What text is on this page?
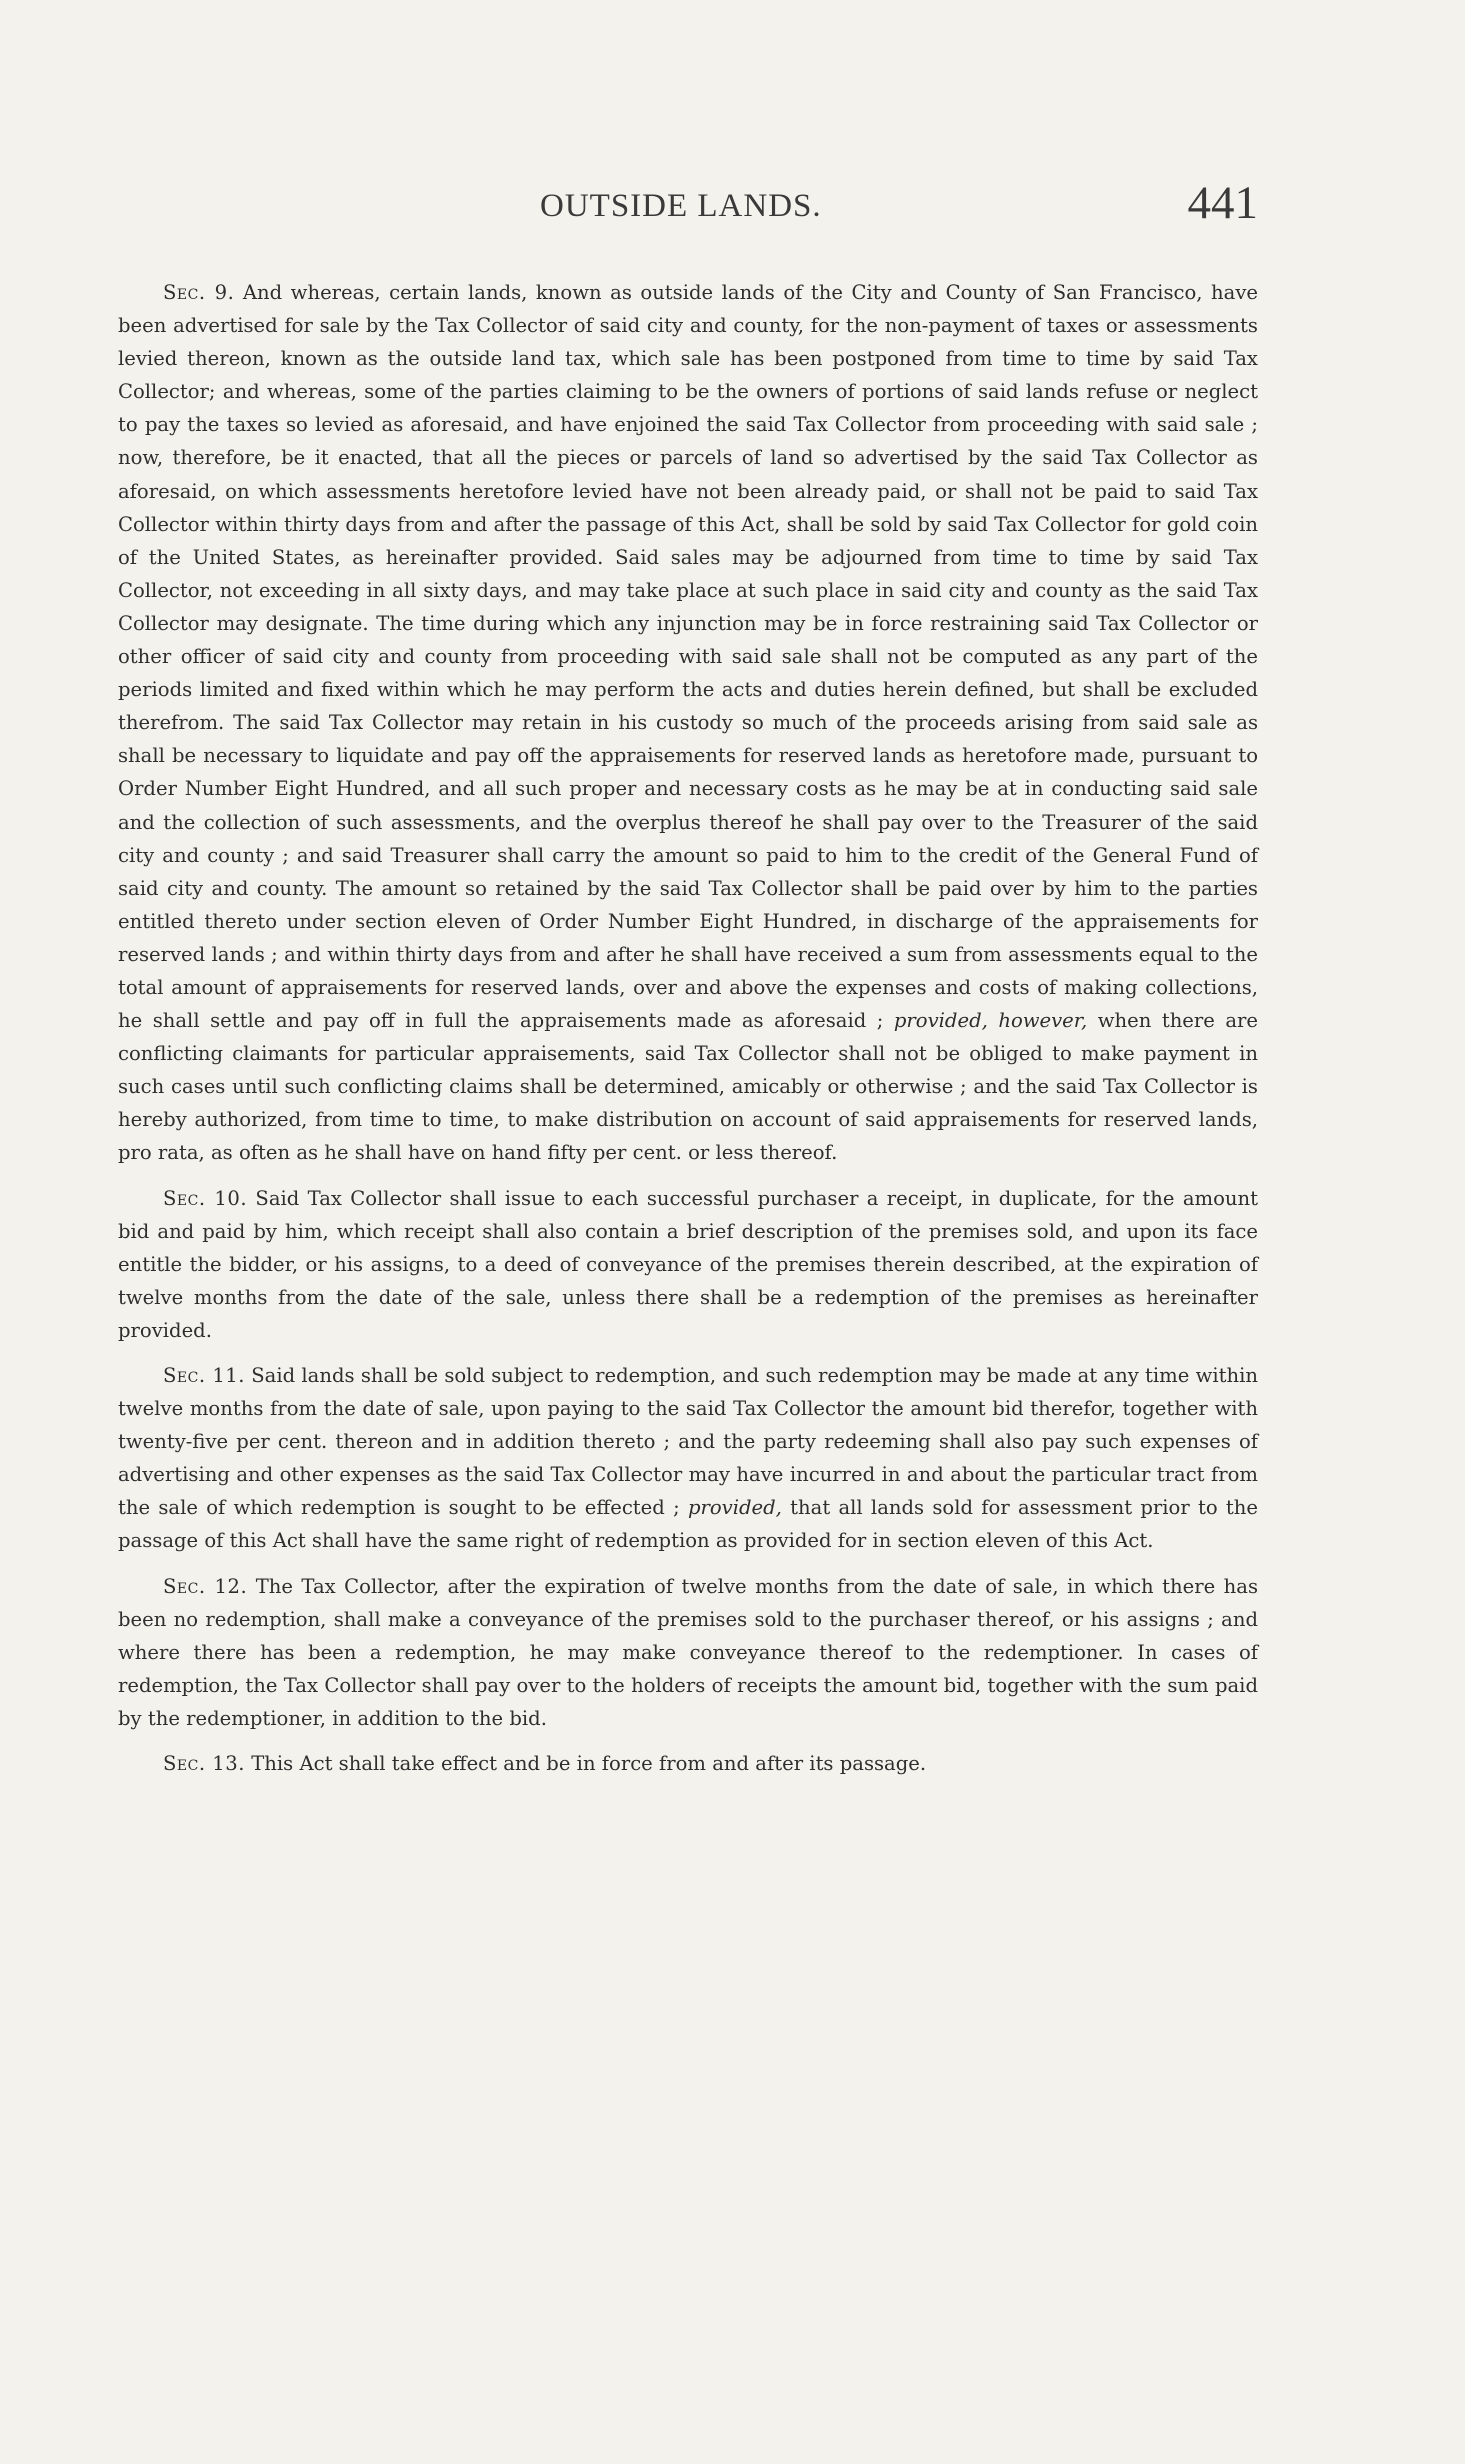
OUTSIDE LANDS.	441

Sec. 9. And whereas, certain lands, known as outside lands of the City and County of San Francisco, have been advertised for sale by the Tax Collector of said city and county, for the non-payment of taxes or assessments levied thereon, known as the outside land tax, which sale has been postponed from time to time by said Tax Collector; and whereas, some of the parties claiming to be the owners of portions of said lands refuse or neglect to pay the taxes so levied as aforesaid, and have enjoined the said Tax Collector from proceeding with said sale ; now, therefore, be it enacted, that all the pieces or parcels of land so advertised by the said Tax Collector as aforesaid, on which assessments heretofore levied have not been already paid, or shall not be paid to said Tax Collector within thirty days from and after the passage of this Act, shall be sold by said Tax Collector for gold coin of the United States, as hereinafter provided. Said sales may be adjourned from time to time by said Tax Collector, not exceeding in all sixty days, and may take place at such place in said city and county as the said Tax Collector may designate. The time during which any injunction may be in force restraining said Tax Collector or other officer of said city and county from proceeding with said sale shall not be computed as any part of the periods limited and fixed within which he may perform the acts and duties herein defined, but shall be excluded therefrom. The said Tax Collector may retain in his custody so much of the proceeds arising from said sale as shall be necessary to liquidate and pay off the appraisements for reserved lands as heretofore made, pursuant to Order Number Eight Hundred, and all such proper and necessary costs as he may be at in conducting said sale and the collection of such assessments, and the overplus thereof he shall pay over to the Treasurer of the said city and county ; and said Treasurer shall carry the amount so paid to him to the credit of the General Fund of said city and county. The amount so retained by the said Tax Collector shall be paid over by him to the parties entitled thereto under section eleven of Order Number Eight Hundred, in discharge of the appraisements for reserved lands ; and within thirty days from and after he shall have received a sum from assessments equal to the total amount of appraisements for reserved lands, over and above the expenses and costs of making collections, he shall settle and pay off in full the appraisements made as aforesaid ; provided, however, when there are conflicting claimants for particular appraisements, said Tax Collector shall not be obliged to make payment in such cases until such conflicting claims shall be determined, amicably or otherwise ; and the said Tax Collector is hereby authorized, from time to time, to make distribution on account of said appraisements for reserved lands, pro rata, as often as he shall have on hand fifty per cent. or less thereof.

Sec. 10. Said Tax Collector shall issue to each successful purchaser a receipt, in duplicate, for the amount bid and paid by him, which receipt shall also contain a brief description of the premises sold, and upon its face entitle the bidder, or his assigns, to a deed of conveyance of the premises therein described, at the expiration of twelve months from the date of the sale, unless there shall be a redemption of the premises as hereinafter provided.

Sec. 11. Said lands shall be sold subject to redemption, and such redemption may be made at any time within twelve months from the date of sale, upon paying to the said Tax Collector the amount bid therefor, together with twenty-five per cent. thereon and in addition thereto ; and the party redeeming shall also pay such expenses of advertising and other expenses as the said Tax Collector may have incurred in and about the particular tract from the sale of which redemption is sought to be effected ; provided, that all lands sold for assessment prior to the passage of this Act shall have the same right of redemption as provided for in section eleven of this Act.

Sec. 12. The Tax Collector, after the expiration of twelve months from the date of sale, in which there has been no redemption, shall make a conveyance of the premises sold to the purchaser thereof, or his assigns ; and where there has been a redemption, he may make conveyance thereof to the redemptioner. In cases of redemption, the Tax Collector shall pay over to the holders of receipts the amount bid, together with the sum paid by the redemptioner, in addition to the bid.

Sec. 13. This Act shall take effect and be in force from and after its passage.
